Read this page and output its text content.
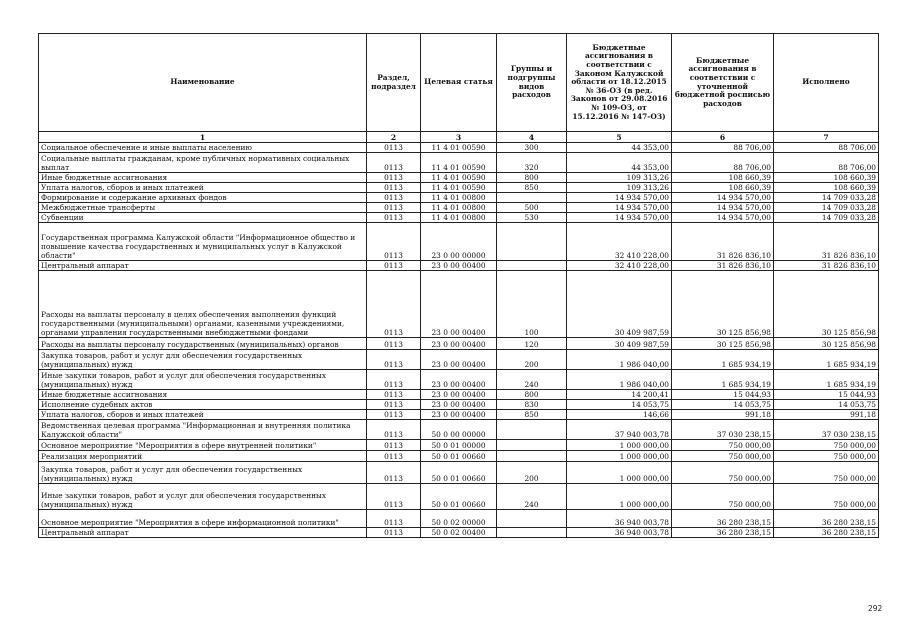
Наименование	Раздел, подраздел	Целевая статья	Группы и подгруппы видов расходов	Бюджетные ассигнования в соответствии с Законом Калужской области от 18.12.2015 № 36-ОЗ (в ред. Законов от 29.08.2016 № 109-ОЗ, от 15.12.2016 № 147-ОЗ)	Бюджетные ассигнования в соответствии с уточненной бюджетной росписью расходов	Исполнено
1	2	3	4	5	6	7
Социальное обеспечение и иные выплаты населению	0113	11 4 01 00590	300	44 353,00	88 706,00	88 706,00
Социальные выплаты гражданам, кроме публичных нормативных социальных выплат	0113	11 4 01 00590	320	44 353,00	88 706,00	88 706,00
Иные бюджетные ассигнования	0113	11 4 01 00590	800	109 313,26	108 660,39	108 660,39
Уплата налогов, сборов и иных платежей	0113	11 4 01 00590	850	109 313,26	108 660,39	108 660,39
Формирование и содержание архивных фондов	0113	11 4 01 00800		14 934 570,00	14 934 570,00	14 709 033,28
Межбюджетные трансферты	0113	11 4 01 00800	500	14 934 570,00	14 934 570,00	14 709 033,28
Субвенции	0113	11 4 01 00800	530	14 934 570,00	14 934 570,00	14 709 033,28
Государственная программа Калужской области "Информационное общество и повышение качества государственных и муниципальных услуг в Калужской области"	0113	23 0 00 00000		32 410 228,00	31 826 836,10	31 826 836,10
Центральный аппарат	0113	23 0 00 00400		32 410 228,00	31 826 836,10	31 826 836,10
Расходы на выплаты персоналу в целях обеспечения выполнения функций государственными (муниципальными) органами, казенными учреждениями, органами управления государственными внебюджетными фондами	0113	23 0 00 00400	100	30 409 987,59	30 125 856,98	30 125 856,98
Расходы на выплаты персоналу государственных (муниципальных) органов	0113	23 0 00 00400	120	30 409 987,59	30 125 856,98	30 125 856,98
Закупка товаров, работ и услуг для обеспечения государственных (муниципальных) нужд	0113	23 0 00 00400	200	1 986 040,00	1 685 934,19	1 685 934,19
Иные закупки товаров, работ и услуг для обеспечения государственных (муниципальных) нужд	0113	23 0 00 00400	240	1 986 040,00	1 685 934,19	1 685 934,19
Иные бюджетные ассигнования	0113	23 0 00 00400	800	14 200,41	15 044,93	15 044,93
Исполнение судебных актов	0113	23 0 00 00400	830	14 053,75	14 053,75	14 053,75
Уплата налогов, сборов и иных платежей	0113	23 0 00 00400	850	146,66	991,18	991,18
Ведомственная целевая программа "Информационная и внутренняя политика Калужской области"	0113	50 0 00 00000		37 940 003,78	37 030 238,15	37 030 238,15
Основное мероприятие "Мероприятия в сфере внутренней политики"	0113	50 0 01 00000		1 000 000,00	750 000,00	750 000,00
Реализация мероприятий	0113	50 0 01 00660		1 000 000,00	750 000,00	750 000,00
Закупка товаров, работ и услуг для обеспечения государственных (муниципальных) нужд	0113	50 0 01 00660	200	1 000 000,00	750 000,00	750 000,00
Иные закупки товаров, работ и услуг для обеспечения государственных (муниципальных) нужд	0113	50 0 01 00660	240	1 000 000,00	750 000,00	750 000,00
Основное мероприятие "Мероприятия в сфере информационной политики"	0113	50 0 02 00000		36 940 003,78	36 280 238,15	36 280 238,15
Центральный аппарат	0113	50 0 02 00400		36 940 003,78	36 280 238,15	36 280 238,15
292
